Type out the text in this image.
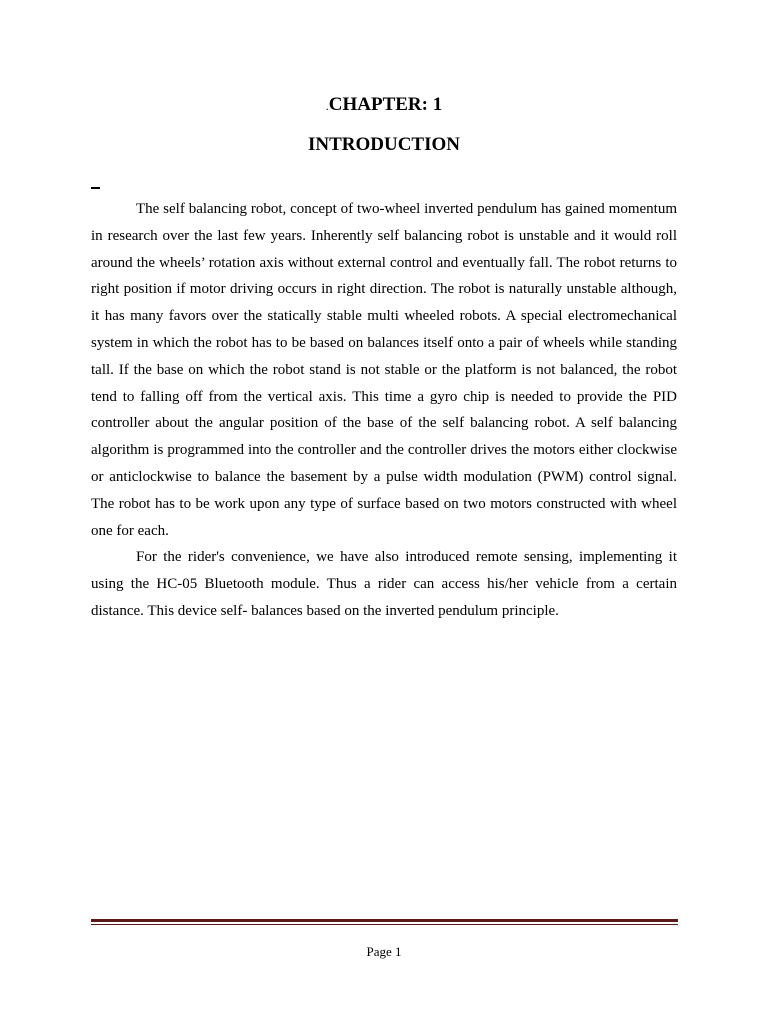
.CHAPTER: 1
INTRODUCTION

The self balancing robot, concept of two-wheel inverted pendulum has gained momentum in research over the last few years. Inherently self balancing robot is unstable and it would roll around the wheels’ rotation axis without external control and eventually fall. The robot returns to right position if motor driving occurs in right direction. The robot is naturally unstable although, it has many favors over the statically stable multi wheeled robots. A special electromechanical system in which the robot has to be based on balances itself onto a pair of wheels while standing tall. If the base on which the robot stand is not stable or the platform is not balanced, the robot tend to falling off from the vertical axis. This time a gyro chip is needed to provide the PID controller about the angular position of the base of the self balancing robot. A self balancing algorithm is programmed into the controller and the controller drives the motors either clockwise or anticlockwise to balance the basement by a pulse width modulation (PWM) control signal. The robot has to be work upon any type of surface based on two motors constructed with wheel one for each.

For the rider's convenience, we have also introduced remote sensing, implementing it using the HC-05 Bluetooth module. Thus a rider can access his/her vehicle from a certain distance. This device self- balances based on the inverted pendulum principle.

Page 1
